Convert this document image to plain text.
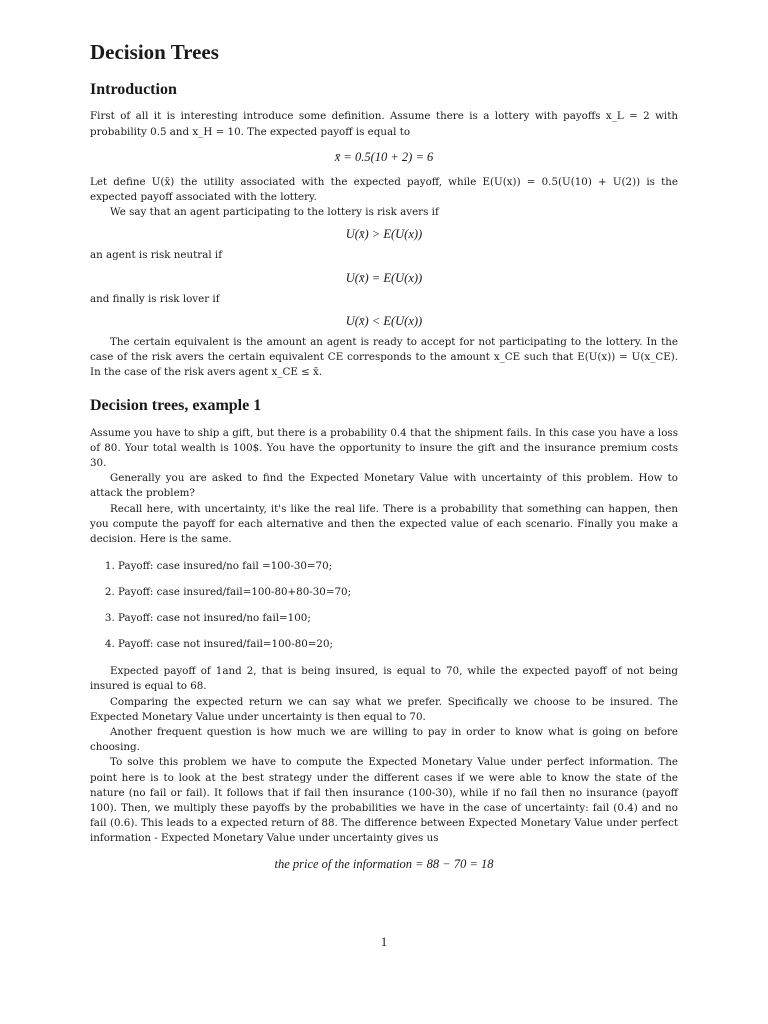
Decision Trees
Introduction

First of all it is interesting introduce some definition. Assume there is a lottery with payoffs x_L = 2 with probability 0.5 and x_H = 10. The expected payoff is equal to

x̄ = 0.5(10 + 2) = 6

Let define U(x̄) the utility associated with the expected payoff, while E(U(x)) = 0.5(U(10) + U(2)) is the expected payoff associated with the lottery.

We say that an agent participating to the lottery is risk avers if

U(x̄) > E(U(x))

an agent is risk neutral if

U(x̄) = E(U(x))

and finally is risk lover if

U(x̄) < E(U(x))

The certain equivalent is the amount an agent is ready to accept for not participating to the lottery. In the case of the risk avers the certain equivalent CE corresponds to the amount x_CE such that E(U(x)) = U(x_CE). In the case of the risk avers agent x_CE ≤ x̄.

Decision trees, example 1

Assume you have to ship a gift, but there is a probability 0.4 that the shipment fails. In this case you have a loss of 80. Your total wealth is 100$. You have the opportunity to insure the gift and the insurance premium costs 30.

Generally you are asked to find the Expected Monetary Value with uncertainty of this problem. How to attack the problem?

Recall here, with uncertainty, it's like the real life. There is a probability that something can happen, then you compute the payoff for each alternative and then the expected value of each scenario. Finally you make a decision. Here is the same.

1. Payoff: case insured/no fail =100-30=70;
2. Payoff: case insured/fail=100-80+80-30=70;
3. Payoff: case not insured/no fail=100;
4. Payoff: case not insured/fail=100-80=20;

Expected payoff of 1and 2, that is being insured, is equal to 70, while the expected payoff of not being insured is equal to 68.

Comparing the expected return we can say what we prefer. Specifically we choose to be insured. The Expected Monetary Value under uncertainty is then equal to 70.

Another frequent question is how much we are willing to pay in order to know what is going on before choosing.

To solve this problem we have to compute the Expected Monetary Value under perfect information. The point here is to look at the best strategy under the different cases if we were able to know the state of the nature (no fail or fail). It follows that if fail then insurance (100-30), while if no fail then no insurance (payoff 100). Then, we multiply these payoffs by the probabilities we have in the case of uncertainty: fail (0.4) and no fail (0.6). This leads to a expected return of 88. The difference between Expected Monetary Value under perfect information - Expected Monetary Value under uncertainty gives us

the price of the information = 88 − 70 = 18
1
